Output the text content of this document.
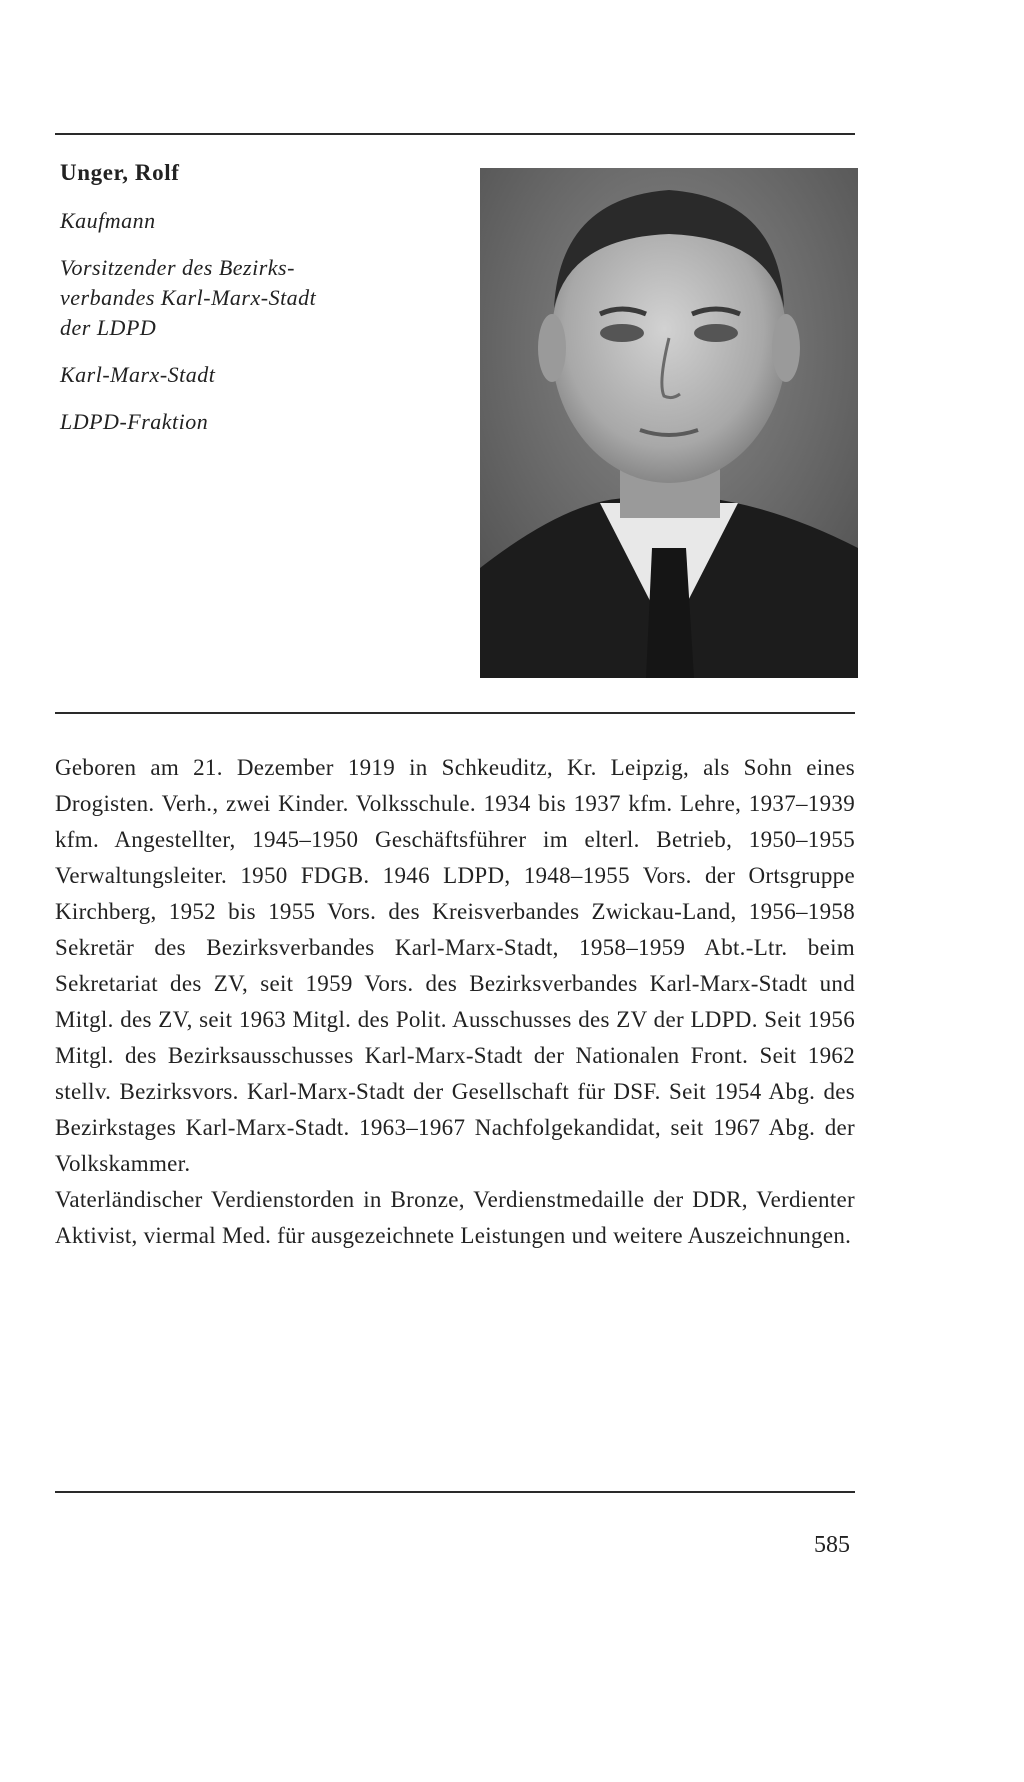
Unger, Rolf

Kaufmann

Vorsitzender des Bezirks-
verbandes Karl-Marx-Stadt
der LDPD

Karl-Marx-Stadt

LDPD-Fraktion

Geboren am 21. Dezember 1919 in Schkeuditz, Kr. Leipzig, als Sohn eines Drogisten. Verh., zwei Kinder. Volksschule. 1934 bis 1937 kfm. Lehre, 1937–1939 kfm. Angestellter, 1945–1950 Geschäftsführer im elterl. Betrieb, 1950–1955 Verwaltungsleiter. 1950 FDGB. 1946 LDPD, 1948–1955 Vors. der Ortsgruppe Kirchberg, 1952 bis 1955 Vors. des Kreisverbandes Zwickau-Land, 1956–1958 Sekretär des Bezirksverbandes Karl-Marx-Stadt, 1958–1959 Abt.-Ltr. beim Sekretariat des ZV, seit 1959 Vors. des Bezirksverbandes Karl-Marx-Stadt und Mitgl. des ZV, seit 1963 Mitgl. des Polit. Ausschusses des ZV der LDPD. Seit 1956 Mitgl. des Bezirksausschusses Karl-Marx-Stadt der Nationalen Front. Seit 1962 stellv. Bezirksvors. Karl-Marx-Stadt der Gesellschaft für DSF. Seit 1954 Abg. des Bezirkstages Karl-Marx-Stadt. 1963–1967 Nachfolgekandidat, seit 1967 Abg. der Volkskammer.
Vaterländischer Verdienstorden in Bronze, Verdienstmedaille der DDR, Verdienter Aktivist, viermal Med. für ausgezeichnete Leistungen und weitere Auszeichnungen.
585
